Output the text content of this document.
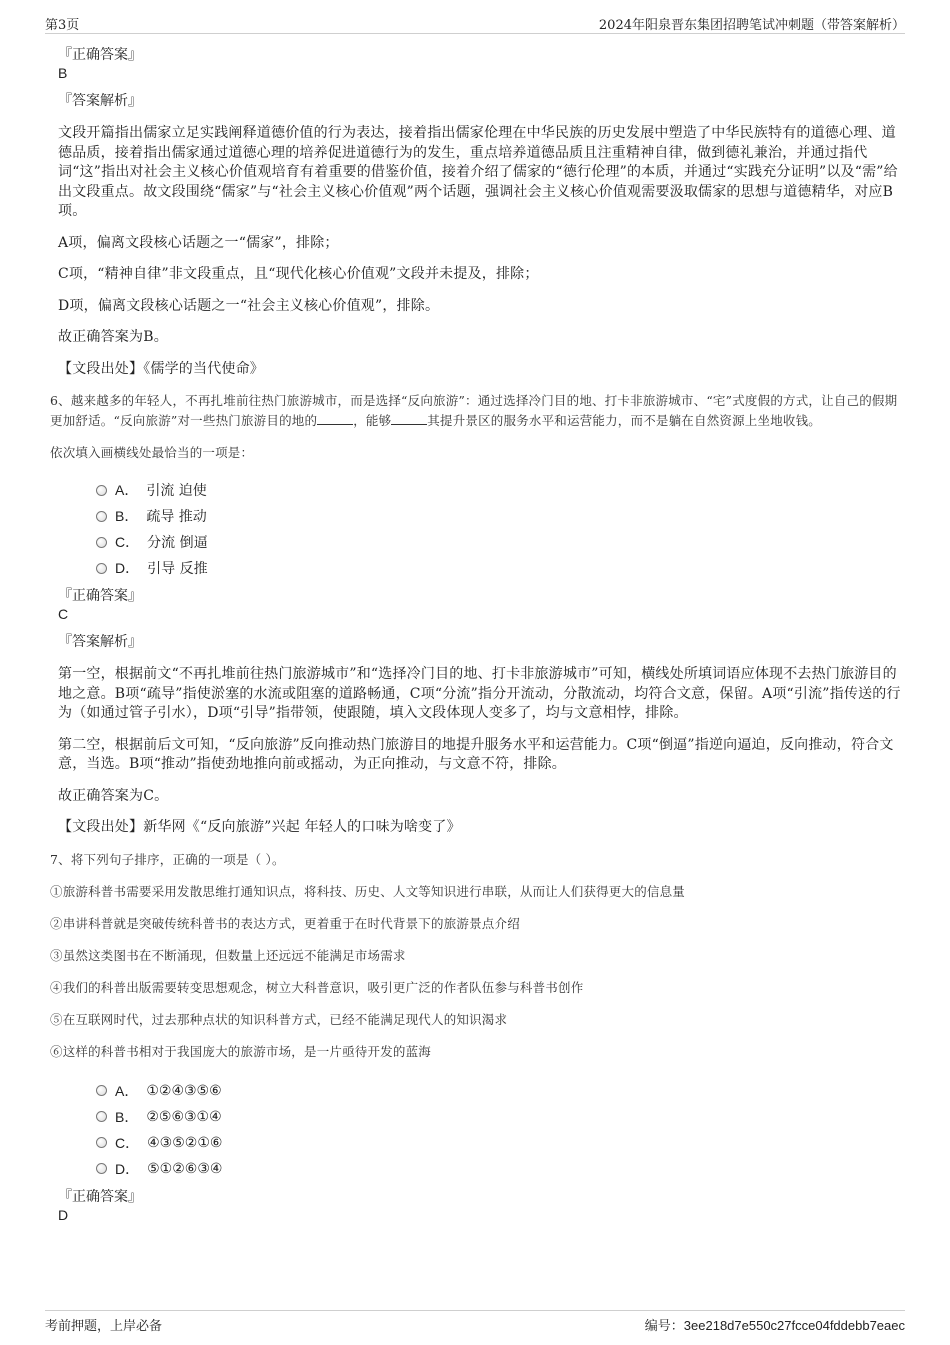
第3页	2024年阳泉晋东集团招聘笔试冲刺题（带答案解析）
『正确答案』
B
『答案解析』

文段开篇指出儒家立足实践阐释道德价值的行为表达，接着指出儒家伦理在中华民族的历史发展中塑造了中华民族特有的道德心理、道德品质，接着指出儒家通过道德心理的培养促进道德行为的发生，重点培养道德品质且注重精神自律，做到德礼兼治，并通过指代词“这”指出对社会主义核心价值观培育有着重要的借鉴价值，接着介绍了儒家的“德行伦理”的本质，并通过“实践充分证明”以及“需”给出文段重点。故文段围绕“儒家”与“社会主义核心价值观”两个话题，强调社会主义核心价值观需要汲取儒家的思想与道德精华，对应B项。

A项，偏离文段核心话题之一“儒家”，排除；

C项，“精神自律”非文段重点，且“现代化核心价值观”文段并未提及，排除；

D项，偏离文段核心话题之一“社会主义核心价值观”，排除。

故正确答案为B。

【文段出处】《儒学的当代使命》

6、越来越多的年轻人，不再扎堆前往热门旅游城市，而是选择“反向旅游”：通过选择冷门目的地、打卡非旅游城市、“宅”式度假的方式，让自己的假期更加舒适。“反向旅游”对一些热门旅游目的地的	，能够	其提升景区的服务水平和运营能力，而不是躺在自然资源上坐地收钱。

依次填入画横线处最恰当的一项是：

A． 引流 迫使
B． 疏导 推动
C． 分流 倒逼
D． 引导 反推
『正确答案』
C
『答案解析』

第一空，根据前文“不再扎堆前往热门旅游城市”和“选择冷门目的地、打卡非旅游城市”可知，横线处所填词语应体现不去热门旅游目的地之意。B项“疏导”指使淤塞的水流或阻塞的道路畅通，C项“分流”指分开流动，分散流动，均符合文意，保留。A项“引流”指传送的行为（如通过管子引水），D项“引导”指带领，使跟随，填入文段体现人变多了，均与文意相悖，排除。

第二空，根据前后文可知，“反向旅游”反向推动热门旅游目的地提升服务水平和运营能力。C项“倒逼”指逆向逼迫，反向推动，符合文意，当选。B项“推动”指使劲地推向前或摇动，为正向推动，与文意不符，排除。

故正确答案为C。

【文段出处】新华网《“反向旅游”兴起 年轻人的口味为啥变了》

7、将下列句子排序，正确的一项是（ ）。

①旅游科普书需要采用发散思维打通知识点，将科技、历史、人文等知识进行串联，从而让人们获得更大的信息量

②串讲科普就是突破传统科普书的表达方式，更着重于在时代背景下的旅游景点介绍

③虽然这类图书在不断涌现，但数量上还远远不能满足市场需求

④我们的科普出版需要转变思想观念，树立大科普意识，吸引更广泛的作者队伍参与科普书创作

⑤在互联网时代，过去那种点状的知识科普方式，已经不能满足现代人的知识渴求

⑥这样的科普书相对于我国庞大的旅游市场，是一片亟待开发的蓝海

A． ①②④③⑤⑥
B． ②⑤⑥③①④
C． ④③⑤②①⑥
D． ⑤①②⑥③④
『正确答案』
D
考前押题，上岸必备	编号：3ee218d7e550c27fcce04fddebb7eaec
